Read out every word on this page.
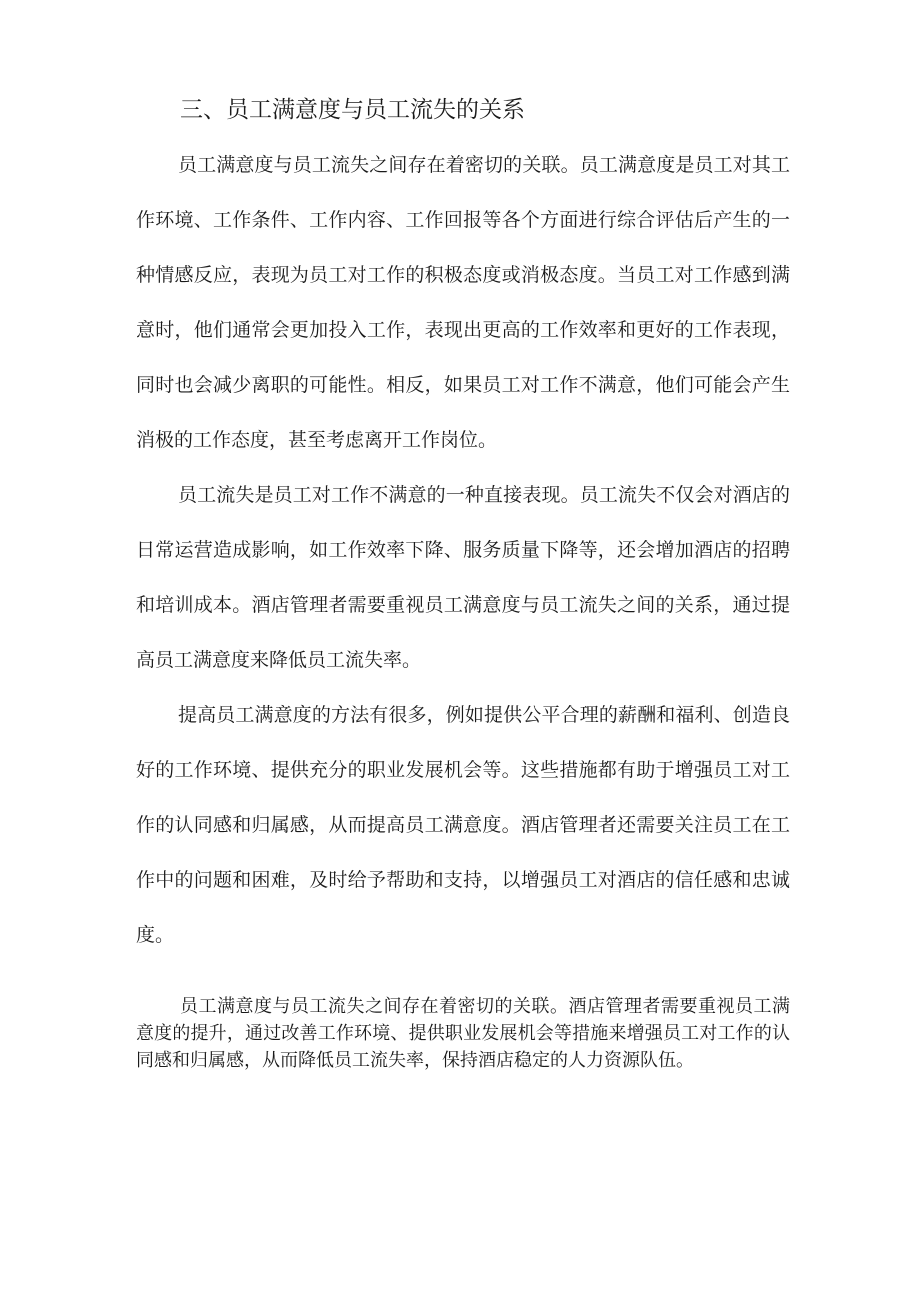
三、员工满意度与员工流失的关系

员工满意度与员工流失之间存在着密切的关联。员工满意度是员工对其工作环境、工作条件、工作内容、工作回报等各个方面进行综合评估后产生的一种情感反应，表现为员工对工作的积极态度或消极态度。当员工对工作感到满意时，他们通常会更加投入工作，表现出更高的工作效率和更好的工作表现，同时也会减少离职的可能性。相反，如果员工对工作不满意，他们可能会产生消极的工作态度，甚至考虑离开工作岗位。

员工流失是员工对工作不满意的一种直接表现。员工流失不仅会对酒店的日常运营造成影响，如工作效率下降、服务质量下降等，还会增加酒店的招聘和培训成本。酒店管理者需要重视员工满意度与员工流失之间的关系，通过提高员工满意度来降低员工流失率。

提高员工满意度的方法有很多，例如提供公平合理的薪酬和福利、创造良好的工作环境、提供充分的职业发展机会等。这些措施都有助于增强员工对工作的认同感和归属感，从而提高员工满意度。酒店管理者还需要关注员工在工作中的问题和困难，及时给予帮助和支持，以增强员工对酒店的信任感和忠诚度。

员工满意度与员工流失之间存在着密切的关联。酒店管理者需要重视员工满意度的提升，通过改善工作环境、提供职业发展机会等措施来增强员工对工作的认同感和归属感，从而降低员工流失率，保持酒店稳定的人力资源队伍。
